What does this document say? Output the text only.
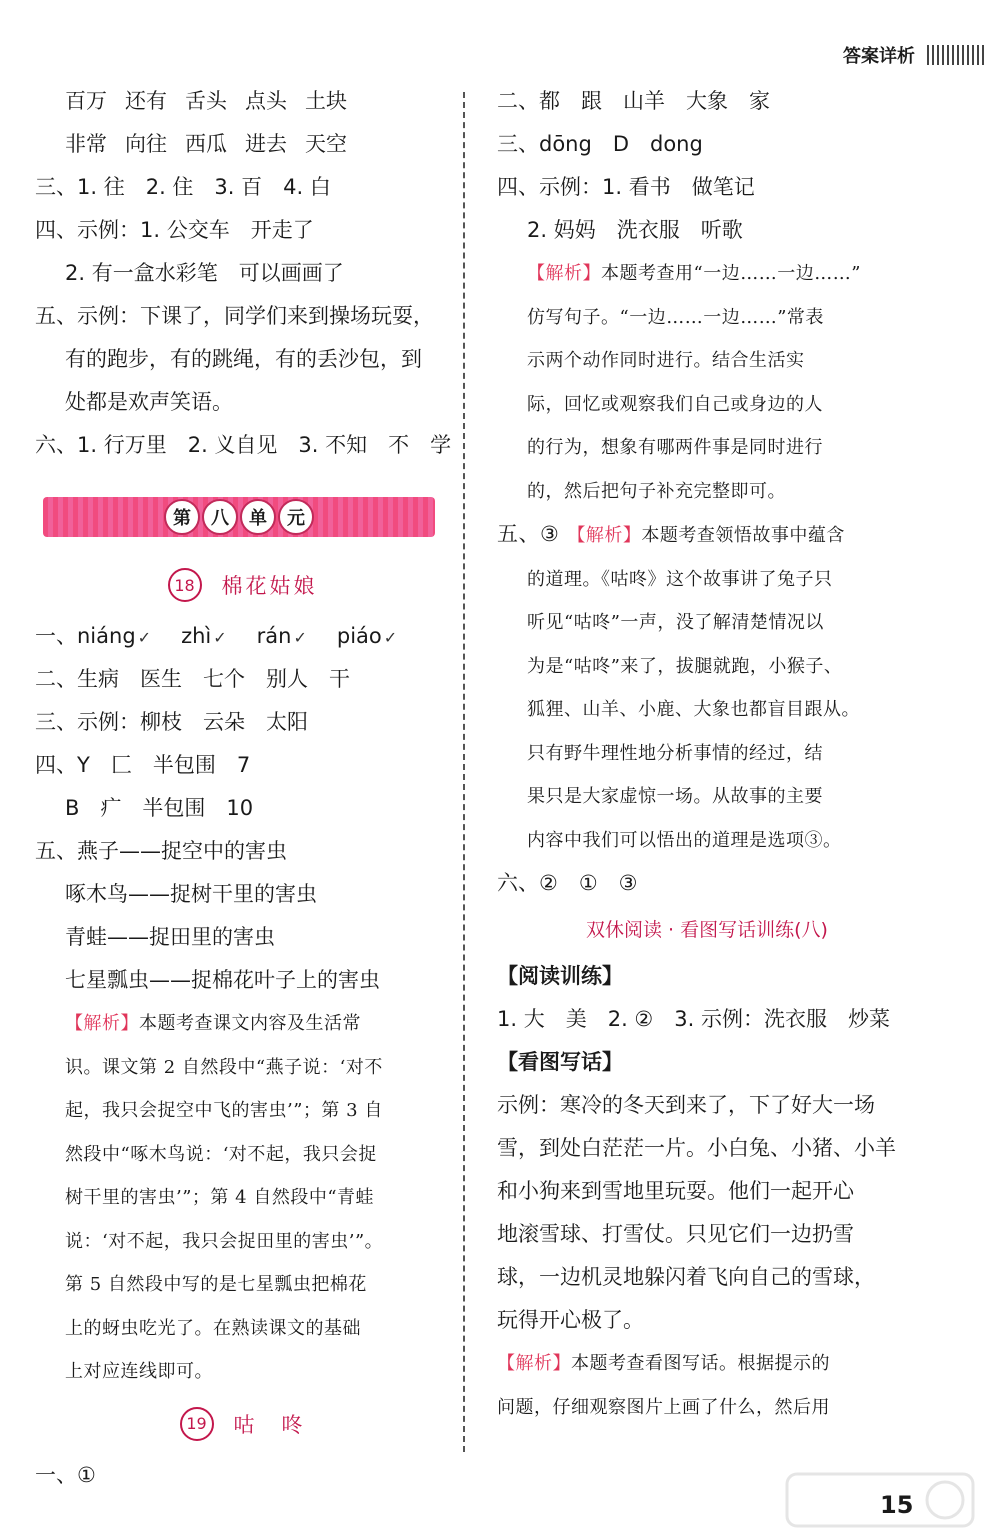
答案详析
百万 还有 舌头 点头 土块
非常 向往 西瓜 进去 天空
三、1. 往　2. 住　3. 百　4. 白
四、示例：1. 公交车　开走了
2. 有一盒水彩笔　可以画画了
五、示例：下课了，同学们来到操场玩耍，
有的跑步，有的跳绳，有的丢沙包，到
处都是欢声笑语。
六、1. 行万里　2. 义自见　3. 不知　不　学
第	八	单	元
18	棉花姑娘
一、 niáng ✓	zhì ✓	rán ✓	piáo ✓
二、生病　医生　七个　别人　干
三、示例：柳枝　云朵　太阳
四、Y　匚　半包围　7
B　疒　半包围　10
五、燕子——捉空中的害虫
啄木鸟——捉树干里的害虫
青蛙——捉田里的害虫
七星瓢虫——捉棉花叶子上的害虫
【解析】本题考查课文内容及生活常
识。课文第 2 自然段中“燕子说：‘对不
起，我只会捉空中飞的害虫’”；第 3 自
然段中“啄木鸟说：‘对不起，我只会捉
树干里的害虫’”；第 4 自然段中“青蛙
说：‘对不起，我只会捉田里的害虫’”。
第 5 自然段中写的是七星瓢虫把棉花
上的蚜虫吃光了。在熟读课文的基础
上对应连线即可。
19	咕　咚
一、①
二、都　跟　山羊　大象　家
三、dōng　D　dong
四、示例：1. 看书　做笔记
2. 妈妈　洗衣服　听歌
【解析】本题考查用“一边……一边……”
仿写句子。“一边……一边……”常表
示两个动作同时进行。结合生活实
际，回忆或观察我们自己或身边的人
的行为，想象有哪两件事是同时进行
的，然后把句子补充完整即可。
五、③ 【解析】本题考查领悟故事中蕴含
的道理。《咕咚》这个故事讲了兔子只
听见“咕咚”一声，没了解清楚情况以
为是“咕咚”来了，拔腿就跑，小猴子、
狐狸、山羊、小鹿、大象也都盲目跟从。
只有野牛理性地分析事情的经过，结
果只是大家虚惊一场。从故事的主要
内容中我们可以悟出的道理是选项③。
六、②　①　③
双休阅读 · 看图写话训练(八)
【阅读训练】
1. 大　美　2. ②　3. 示例：洗衣服　炒菜
【看图写话】
示例：寒冷的冬天到来了，下了好大一场
雪，到处白茫茫一片。小白兔、小猪、小羊
和小狗来到雪地里玩耍。他们一起开心
地滚雪球、打雪仗。只见它们一边扔雪
球，一边机灵地躲闪着飞向自己的雪球，
玩得开心极了。
【解析】本题考查看图写话。根据提示的
问题，仔细观察图片上画了什么，然后用
15
